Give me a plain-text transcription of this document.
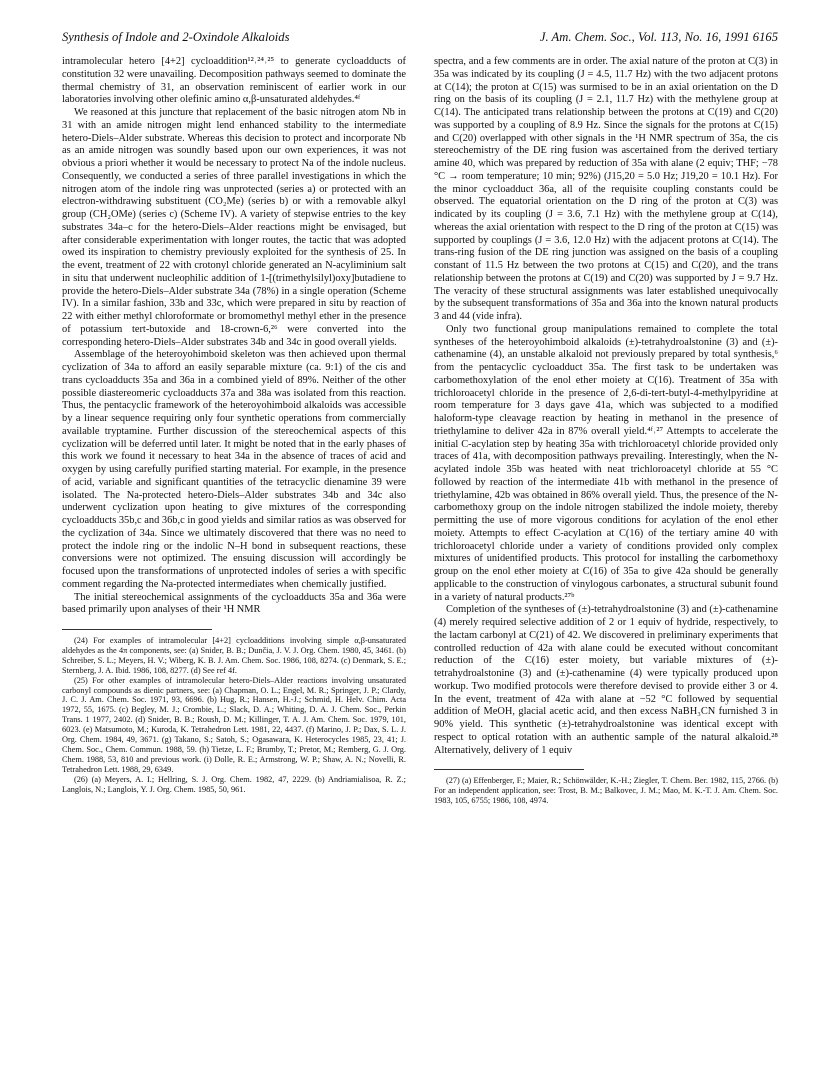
Synthesis of Indole and 2-Oxindole Alkaloids	J. Am. Chem. Soc., Vol. 113, No. 16, 1991 6165

intramolecular hetero [4+2] cycloaddition¹²˒²⁴˒²⁵ to generate cycloadducts of constitution 32 were unavailing. Decomposition pathways seemed to dominate the thermal chemistry of 31, an observation reminiscent of earlier work in our laboratories involving other olefinic amino α,β-unsaturated aldehydes.⁴ᶠ

We reasoned at this juncture that replacement of the basic nitrogen atom Nb in 31 with an amide nitrogen might lend enhanced stability to the intermediate hetero-Diels–Alder substrate. Whereas this decision to protect and incorporate Nb as an amide nitrogen was soundly based upon our own experiences, it was not obvious a priori whether it would be necessary to protect Na of the indole nucleus. Consequently, we conducted a series of three parallel investigations in which the nitrogen atom of the indole ring was unprotected (series a) or protected with an electron-withdrawing substituent (CO₂Me) (series b) or with a removable alkyl group (CH₂OMe) (series c) (Scheme IV). A variety of stepwise entries to the key substrates 34a–c for the hetero-Diels–Alder reactions might be envisaged, but after considerable experimentation with longer routes, the tactic that was adopted owed its inspiration to chemistry previously exploited for the synthesis of 25. In the event, treatment of 22 with crotonyl chloride generated an N-acyliminium salt in situ that underwent nucleophilic addition of 1-[(trimethylsilyl)oxy]butadiene to provide the hetero-Diels–Alder substrate 34a (78%) in a single operation (Scheme IV). In a similar fashion, 33b and 33c, which were prepared in situ by reaction of 22 with either methyl chloroformate or bromomethyl methyl ether in the presence of potassium tert-butoxide and 18-crown-6,²⁶ were converted into the corresponding hetero-Diels–Alder substrates 34b and 34c in good overall yields.

Assemblage of the heteroyohimboid skeleton was then achieved upon thermal cyclization of 34a to afford an easily separable mixture (ca. 9:1) of the cis and trans cycloadducts 35a and 36a in a combined yield of 89%. Neither of the other possible diastereomeric cycloadducts 37a and 38a was isolated from this reaction. Thus, the pentacyclic framework of the heteroyohimboid alkaloids was accessible by a linear sequence requiring only four synthetic operations from commercially available tryptamine. Further discussion of the stereochemical aspects of this cyclization will be deferred until later. It might be noted that in the early phases of this work we found it necessary to heat 34a in the absence of traces of acid and oxygen by using carefully purified starting material. For example, in the presence of acid, variable and significant quantities of the tetracyclic dienamine 39 were isolated. The Na-protected hetero-Diels–Alder substrates 34b and 34c also underwent cyclization upon heating to give mixtures of the corresponding cycloadducts 35b,c and 36b,c in good yields and similar ratios as was observed for the cyclization of 34a. Since we ultimately discovered that there was no need to protect the indole ring or the indolic N–H bond in subsequent reactions, these conversions were not optimized. The ensuing discussion will accordingly be focused upon the transformations of unprotected indoles of series a with specific comment regarding the Na-protected intermediates when chemically justified.

The initial stereochemical assignments of the cycloadducts 35a and 36a were based primarily upon analyses of their ¹H NMR

(24) For examples of intramolecular [4+2] cycloadditions involving simple α,β-unsaturated aldehydes as the 4π components, see: (a) Snider, B. B.; Dunčia, J. V. J. Org. Chem. 1980, 45, 3461. (b) Schreiber, S. L.; Meyers, H. V.; Wiberg, K. B. J. Am. Chem. Soc. 1986, 108, 8274. (c) Denmark, S. E.; Sternberg, J. A. Ibid. 1986, 108, 8277. (d) See ref 4f.

(25) For other examples of intramolecular hetero-Diels–Alder reactions involving unsaturated carbonyl compounds as dienic partners, see: (a) Chapman, O. L.; Engel, M. R.; Springer, J. P.; Clardy, J. C. J. Am. Chem. Soc. 1971, 93, 6696. (b) Hug, R.; Hansen, H.-J.; Schmid, H. Helv. Chim. Acta 1972, 55, 1675. (c) Begley, M. J.; Crombie, L.; Slack, D. A.; Whiting, D. A. J. Chem. Soc., Perkin Trans. 1 1977, 2402. (d) Snider, B. B.; Roush, D. M.; Killinger, T. A. J. Am. Chem. Soc. 1979, 101, 6023. (e) Matsumoto, M.; Kuroda, K. Tetrahedron Lett. 1981, 22, 4437. (f) Marino, J. P.; Dax, S. L. J. Org. Chem. 1984, 49, 3671. (g) Takano, S.; Satoh, S.; Ogasawara, K. Heterocycles 1985, 23, 41; J. Chem. Soc., Chem. Commun. 1988, 59. (h) Tietze, L. F.; Brumby, T.; Pretor, M.; Remberg, G. J. Org. Chem. 1988, 53, 810 and previous work. (i) Dolle, R. E.; Armstrong, W. P.; Shaw, A. N.; Novelli, R. Tetrahedron Lett. 1988, 29, 6349.

(26) (a) Meyers, A. I.; Hellring, S. J. Org. Chem. 1982, 47, 2229. (b) Andriamialisoa, R. Z.; Langlois, N.; Langlois, Y. J. Org. Chem. 1985, 50, 961.

spectra, and a few comments are in order. The axial nature of the proton at C(3) in 35a was indicated by its coupling (J = 4.5, 11.7 Hz) with the two adjacent protons at C(14); the proton at C(15) was surmised to be in an axial orientation on the D ring on the basis of its coupling (J = 2.1, 11.7 Hz) with the methylene group at C(14). The anticipated trans relationship between the protons at C(19) and C(20) was supported by a coupling of 8.9 Hz. Since the signals for the protons at C(15) and C(20) overlapped with other signals in the ¹H NMR spectrum of 35a, the cis stereochemistry of the DE ring fusion was ascertained from the derived tertiary amine 40, which was prepared by reduction of 35a with alane (2 equiv; THF; −78 °C → room temperature; 10 min; 92%) (J15,20 = 5.0 Hz; J19,20 = 10.1 Hz). For the minor cycloadduct 36a, all of the requisite coupling constants could be observed. The equatorial orientation on the D ring of the proton at C(3) was indicated by its coupling (J = 3.6, 7.1 Hz) with the methylene group at C(14), whereas the axial orientation with respect to the D ring of the proton at C(15) was supported by couplings (J = 3.6, 12.0 Hz) with the adjacent protons at C(14). The trans-ring fusion of the DE ring junction was assigned on the basis of a coupling constant of 11.5 Hz between the two protons at C(15) and C(20), and the trans relationship between the protons at C(19) and C(20) was supported by J = 9.7 Hz. The veracity of these structural assignments was later established unequivocally by the subsequent transformations of 35a and 36a into the known natural products 3 and 44 (vide infra).

Only two functional group manipulations remained to complete the total syntheses of the heteroyohimboid alkaloids (±)-tetrahydroalstonine (3) and (±)-cathenamine (4), an unstable alkaloid not previously prepared by total synthesis,⁶ from the pentacyclic cycloadduct 35a. The first task to be undertaken was carbomethoxylation of the enol ether moiety at C(16). Treatment of 35a with trichloroacetyl chloride in the presence of 2,6-di-tert-butyl-4-methylpyridine at room temperature for 3 days gave 41a, which was subjected to a modified haloform-type cleavage reaction by heating in methanol in the presence of triethylamine to deliver 42a in 87% overall yield.⁴ᶠ˒²⁷ Attempts to accelerate the initial C-acylation step by heating 35a with trichloroacetyl chloride provided only traces of 41a, with decomposition pathways prevailing. Interestingly, when the N-acylated indole 35b was heated with neat trichloroacetyl chloride at 55 °C followed by reaction of the intermediate 41b with methanol in the presence of triethylamine, 42b was obtained in 86% overall yield. Thus, the presence of the N-carbomethoxy group on the indole nitrogen stabilized the indole moiety, thereby permitting the use of more vigorous conditions for acylation of the enol ether moiety. Attempts to effect C-acylation at C(16) of the tertiary amine 40 with trichloroacetyl chloride under a variety of conditions provided only complex mixtures of unidentified products. This protocol for installing the carbomethoxy group on the enol ether moiety at C(16) of 35a to give 42a should be generally applicable to the construction of vinylogous carbonates, a structural subunit found in a variety of natural products.²⁷ᵇ

Completion of the syntheses of (±)-tetrahydroalstonine (3) and (±)-cathenamine (4) merely required selective addition of 2 or 1 equiv of hydride, respectively, to the lactam carbonyl at C(21) of 42. We discovered in preliminary experiments that controlled reduction of 42a with alane could be executed without concomitant reduction of the C(16) ester moiety, but variable mixtures of (±)-tetrahydroalstonine (3) and (±)-cathenamine (4) were typically produced upon workup. Two modified protocols were therefore devised to provide either 3 or 4. In the event, treatment of 42a with alane at −52 °C followed by sequential addition of MeOH, glacial acetic acid, and then excess NaBH₃CN furnished 3 in 90% yield. This synthetic (±)-tetrahydroalstonine was identical except with respect to optical rotation with an authentic sample of the natural alkaloid.²⁸ Alternatively, delivery of 1 equiv

(27) (a) Effenberger, F.; Maier, R.; Schönwälder, K.-H.; Ziegler, T. Chem. Ber. 1982, 115, 2766. (b) For an independent application, see: Trost, B. M.; Balkovec, J. M.; Mao, M. K.-T. J. Am. Chem. Soc. 1983, 105, 6755; 1986, 108, 4974.
